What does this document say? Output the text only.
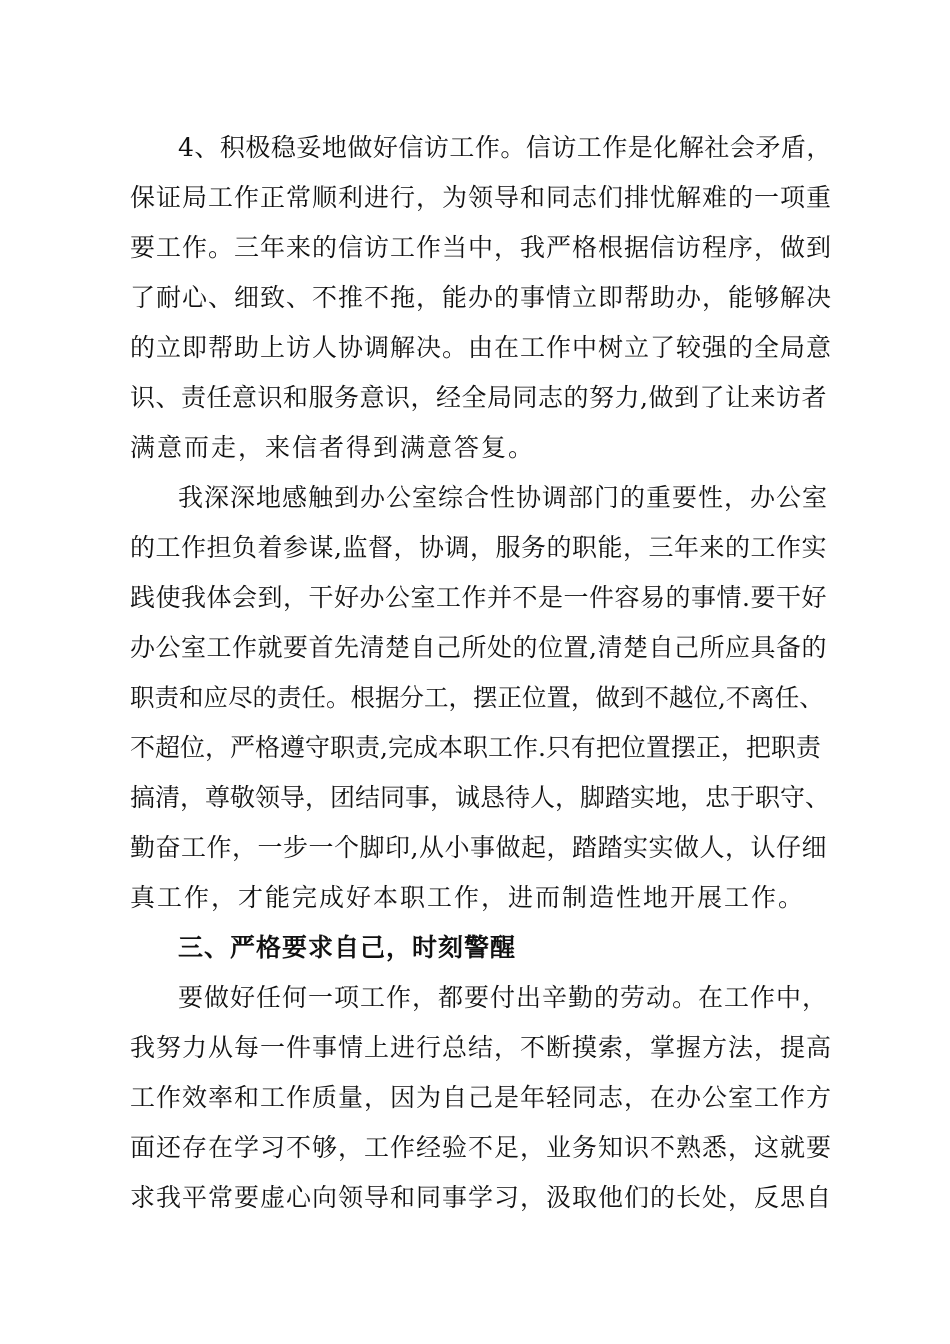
4、积极稳妥地做好信访工作。信访工作是化解社会矛盾，
保证局工作正常顺利进行，为领导和同志们排忧解难的一项重
要工作。三年来的信访工作当中，我严格根据信访程序，做到
了耐心、细致、不推不拖，能办的事情立即帮助办，能够解决
的立即帮助上访人协调解决。由在工作中树立了较强的全局意
识、责任意识和服务意识，经全局同志的努力,做到了让来访者
满意而走，来信者得到满意答复。
我深深地感触到办公室综合性协调部门的重要性，办公室
的工作担负着参谋,监督，协调，服务的职能，三年来的工作实
践使我体会到，干好办公室工作并不是一件容易的事情.要干好
办公室工作就要首先清楚自己所处的位置,清楚自己所应具备的
职责和应尽的责任。根据分工，摆正位置，做到不越位,不离任、
不超位，严格遵守职责,完成本职工作.只有把位置摆正，把职责
搞清，尊敬领导，团结同事，诚恳待人，脚踏实地，忠于职守、
勤奋工作，一步一个脚印,从小事做起，踏踏实实做人，认仔细
真工作，才能完成好本职工作，进而制造性地开展工作。
三、严格要求自己，时刻警醒
要做好任何一项工作，都要付出辛勤的劳动。在工作中，
我努力从每一件事情上进行总结，不断摸索，掌握方法，提高
工作效率和工作质量，因为自己是年轻同志，在办公室工作方
面还存在学习不够，工作经验不足，业务知识不熟悉，这就要
求我平常要虚心向领导和同事学习，汲取他们的长处，反思自
